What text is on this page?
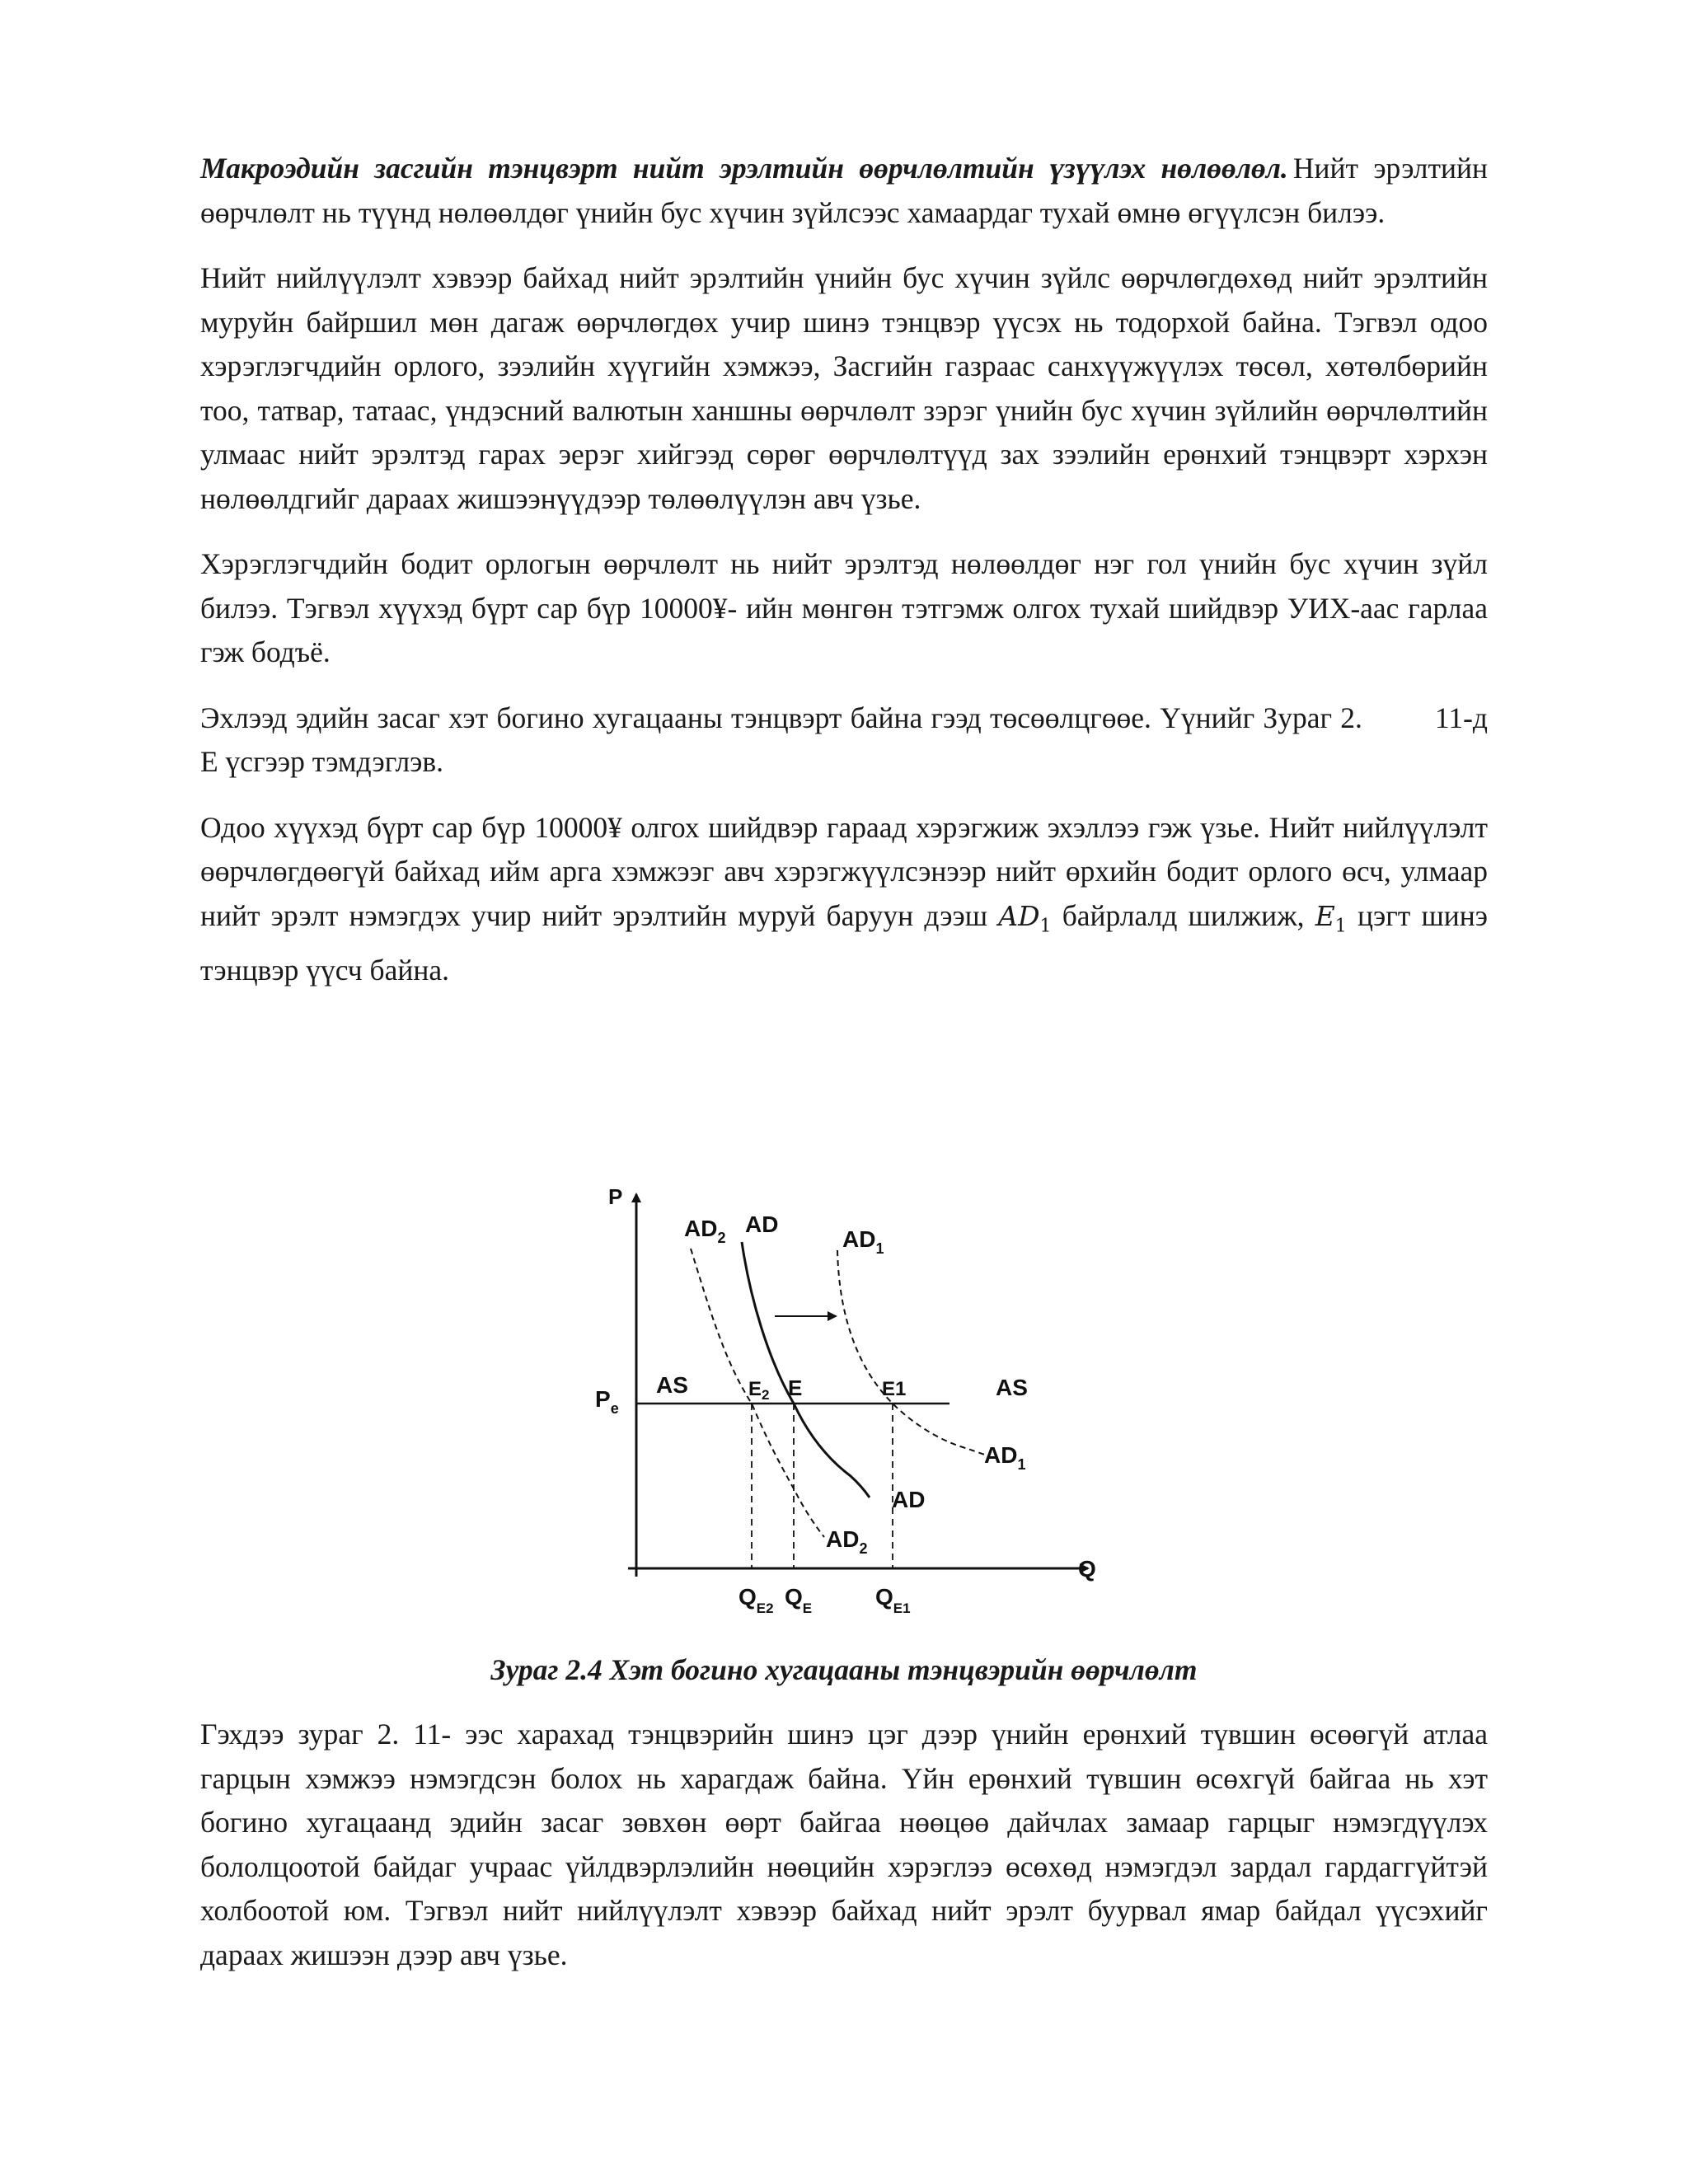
Макроэдийн засгийн тэнцвэрт нийт эрэлтийн өөрчлөлтийн үзүүлэх нөлөөлөл. Нийт эрэлтийн өөрчлөлт нь түүнд нөлөөлдөг үнийн бус хүчин зүйлсээс хамаардаг тухай өмнө өгүүлсэн билээ.

Нийт нийлүүлэлт хэвээр байхад нийт эрэлтийн үнийн бус хүчин зүйлс өөрчлөгдөхөд нийт эрэлтийн муруйн байршил мөн дагаж өөрчлөгдөх учир шинэ тэнцвэр үүсэх нь тодорхой байна. Тэгвэл одоо хэрэглэгчдийн орлого, зээлийн хүүгийн хэмжээ, Засгийн газраас санхүүжүүлэх төсөл, хөтөлбөрийн тоо, татвар, татаас, үндэсний валютын ханшны өөрчлөлт зэрэг үнийн бус хүчин зүйлийн өөрчлөлтийн улмаас нийт эрэлтэд гарах эерэг хийгээд сөрөг өөрчлөлтүүд зах зээлийн ерөнхий тэнцвэрт хэрхэн нөлөөлдгийг дараах жишээнүүдээр төлөөлүүлэн авч үзье.

Хэрэглэгчдийн бодит орлогын өөрчлөлт нь нийт эрэлтэд нөлөөлдөг нэг гол үнийн бус хүчин зүйл билээ. Тэгвэл хүүхэд бүрт сар бүр 10000¥- ийн мөнгөн тэтгэмж олгох тухай шийдвэр УИХ-аас гарлаа гэж бодъё.

Эхлээд эдийн засаг хэт богино хугацааны тэнцвэрт байна гээд төсөөлцгөөе. Үүнийг Зураг 2. 11-д E үсгээр тэмдэглэв.

Одоо хүүхэд бүрт сар бүр 10000¥ олгох шийдвэр гараад хэрэгжиж эхэллээ гэж үзье. Нийт нийлүүлэлт өөрчлөгдөөгүй байхад ийм арга хэмжээг авч хэрэгжүүлсэнээр нийт өрхийн бодит орлого өсч, улмаар нийт эрэлт нэмэгдэх учир нийт эрэлтийн муруй баруун дээш $AD_1$ байрлалд шилжиж, $E_1$ цэгт шинэ тэнцвэр үүсч байна.

P
Q
$P_e$
AS	AS
$AD_2$
AD
$AD_1$
$E_2$ E	E1
$AD_1$
AD
$AD_2$
$Q_{E2}$ $Q_E$	$Q_{E1}$
Зураг 2.4 Хэт богино хугацааны тэнцвэрийн өөрчлөлт

Гэхдээ зураг 2. 11- ээс харахад тэнцвэрийн шинэ цэг дээр үнийн ерөнхий түвшин өсөөгүй атлаа гарцын хэмжээ нэмэгдсэн болох нь харагдаж байна. Үйн ерөнхий түвшин өсөхгүй байгаа нь хэт богино хугацаанд эдийн засаг зөвхөн өөрт байгаа нөөцөө дайчлах замаар гарцыг нэмэгдүүлэх бололцоотой байдаг учраас үйлдвэрлэлийн нөөцийн хэрэглээ өсөхөд нэмэгдэл зардал гардаггүйтэй холбоотой юм. Тэгвэл нийт нийлүүлэлт хэвээр байхад нийт эрэлт буурвал ямар байдал үүсэхийг дараах жишээн дээр авч үзье.
